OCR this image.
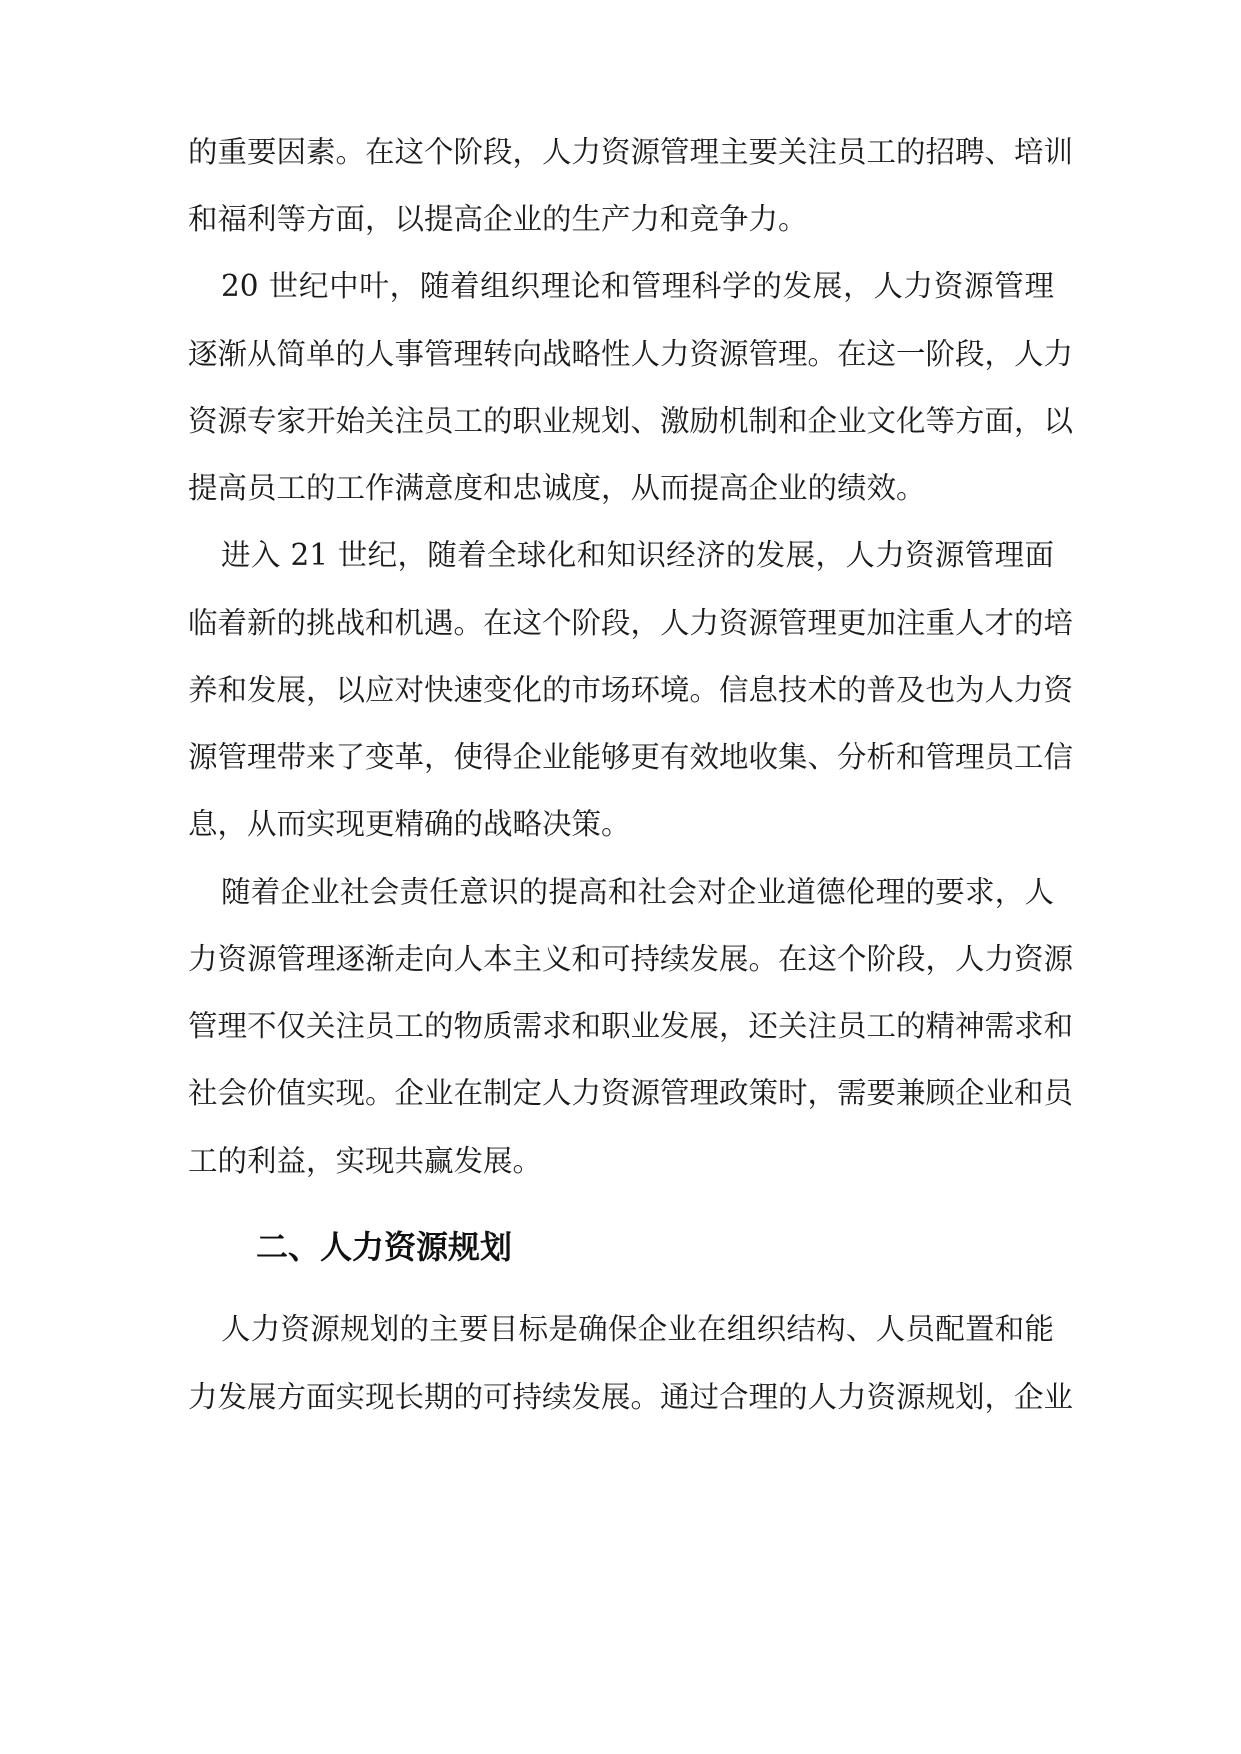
的重要因素。在这个阶段，人力资源管理主要关注员工的招聘、培训

和福利等方面，以提高企业的生产力和竞争力。

20 世纪中叶，随着组织理论和管理科学的发展，人力资源管理

逐渐从简单的人事管理转向战略性人力资源管理。在这一阶段，人力

资源专家开始关注员工的职业规划、激励机制和企业文化等方面，以

提高员工的工作满意度和忠诚度，从而提高企业的绩效。

进入 21 世纪，随着全球化和知识经济的发展，人力资源管理面

临着新的挑战和机遇。在这个阶段，人力资源管理更加注重人才的培

养和发展，以应对快速变化的市场环境。信息技术的普及也为人力资

源管理带来了变革，使得企业能够更有效地收集、分析和管理员工信

息，从而实现更精确的战略决策。

随着企业社会责任意识的提高和社会对企业道德伦理的要求，人

力资源管理逐渐走向人本主义和可持续发展。在这个阶段，人力资源

管理不仅关注员工的物质需求和职业发展，还关注员工的精神需求和

社会价值实现。企业在制定人力资源管理政策时，需要兼顾企业和员

工的利益，实现共赢发展。

二、人力资源规划

人力资源规划的主要目标是确保企业在组织结构、人员配置和能

力发展方面实现长期的可持续发展。通过合理的人力资源规划，企业
